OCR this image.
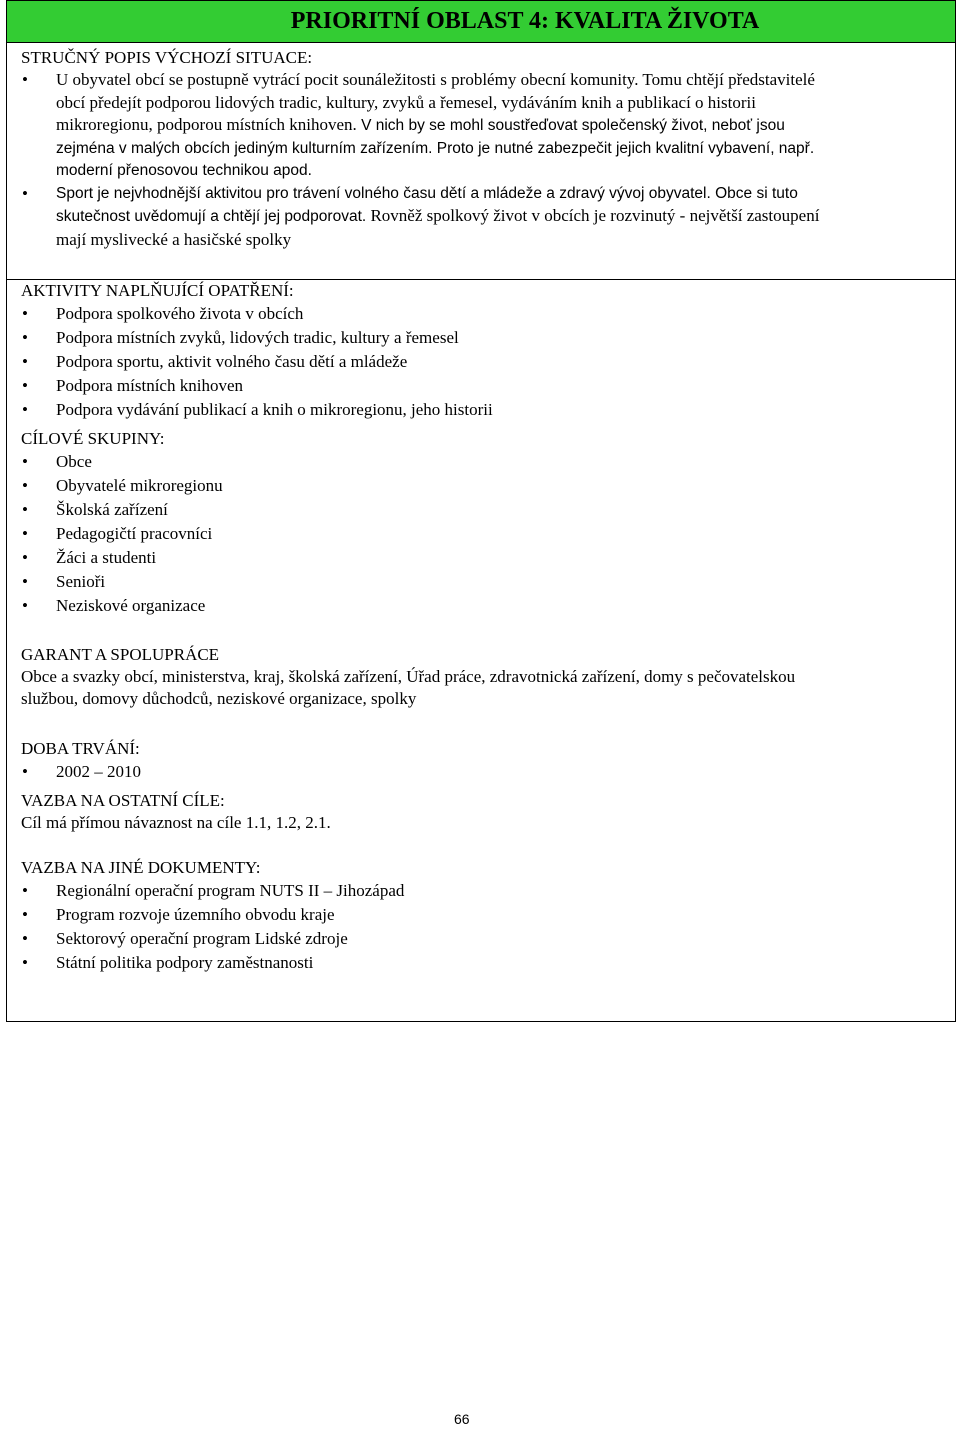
PRIORITNÍ OBLAST 4: KVALITA ŽIVOTA
STRUČNÝ POPIS VÝCHOZÍ SITUACE:
• U obyvatel obcí se postupně vytrácí pocit sounáležitosti s problémy obecní komunity. Tomu chtějí představitelé
obcí předejít podporou lidových tradic, kultury, zvyků a řemesel, vydáváním knih a publikací o historii
mikroregionu, podporou místních knihoven. V nich by se mohl soustřeďovat společenský život, neboť jsou
zejména v malých obcích jediným kulturním zařízením. Proto je nutné zabezpečit jejich kvalitní vybavení, např.
moderní přenosovou technikou apod.
• Sport je nejvhodnější aktivitou pro trávení volného času dětí a mládeže a zdravý vývoj obyvatel. Obce si tuto
skutečnost uvědomují a chtějí jej podporovat. Rovněž spolkový život v obcích je rozvinutý - největší zastoupení
mají myslivecké a hasičské spolky
AKTIVITY NAPLŇUJÍCÍ OPATŘENÍ:
• Podpora spolkového života v obcích
• Podpora místních zvyků, lidových tradic, kultury a řemesel
• Podpora sportu, aktivit volného času dětí a mládeže
• Podpora místních knihoven
• Podpora vydávání publikací a knih o mikroregionu, jeho historii
CÍLOVÉ SKUPINY:
• Obce
• Obyvatelé mikroregionu
• Školská zařízení
• Pedagogičtí pracovníci
• Žáci a studenti
• Senioři
• Neziskové organizace
GARANT A SPOLUPRÁCE
Obce a svazky obcí, ministerstva, kraj, školská zařízení, Úřad práce, zdravotnická zařízení, domy s pečovatelskou
službou, domovy důchodců, neziskové organizace, spolky
DOBA TRVÁNÍ:
• 2002 – 2010
VAZBA NA OSTATNÍ CÍLE:
Cíl má přímou návaznost na cíle 1.1, 1.2, 2.1.
VAZBA NA JINÉ DOKUMENTY:
• Regionální operační program NUTS II – Jihozápad
• Program rozvoje územního obvodu kraje
• Sektorový operační program Lidské zdroje
• Státní politika podpory zaměstnanosti
66
